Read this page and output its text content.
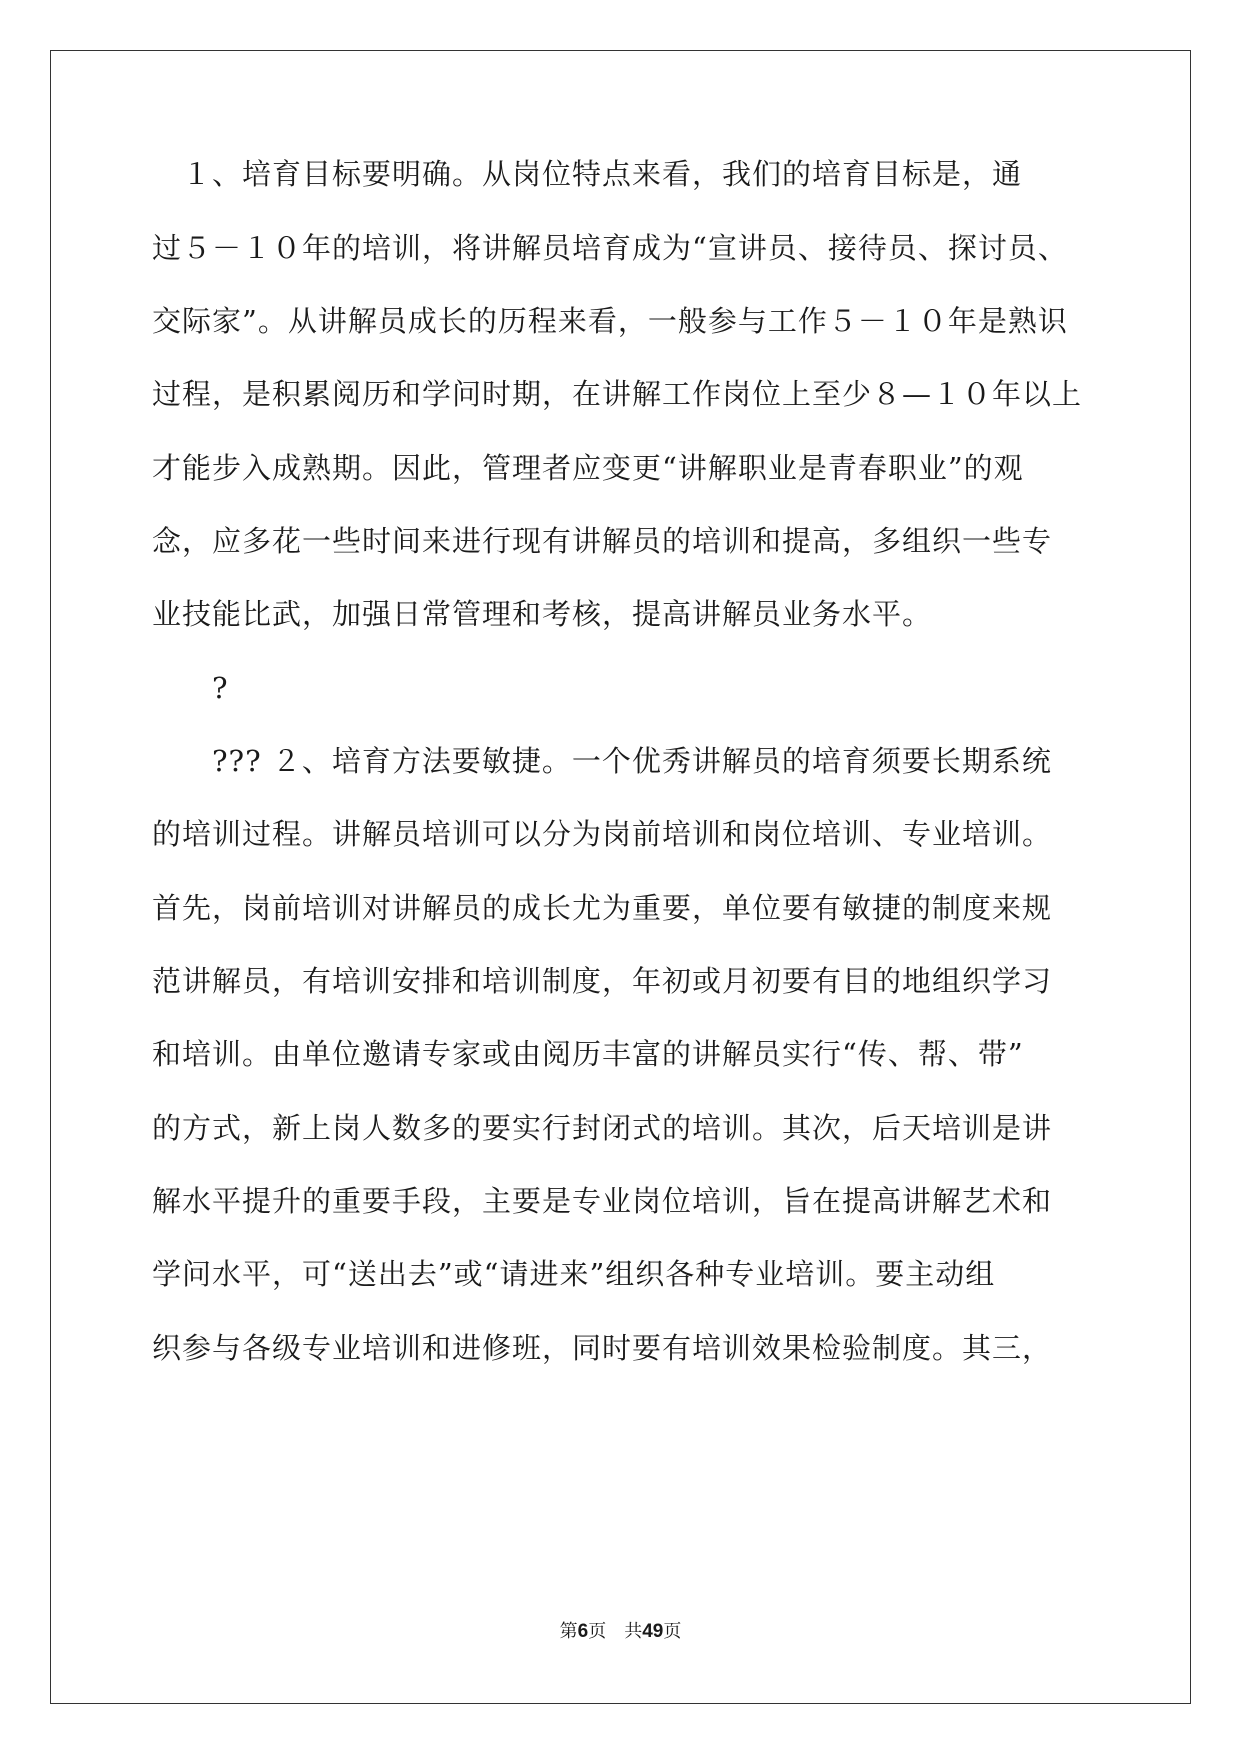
　１、培育目标要明确。从岗位特点来看，我们的培育目标是，通
过５－１０年的培训，将讲解员培育成为“宣讲员、接待员、探讨员、
交际家”。从讲解员成长的历程来看，一般参与工作５－１０年是熟识
过程，是积累阅历和学问时期，在讲解工作岗位上至少８—１０年以上
才能步入成熟期。因此，管理者应变更“讲解职业是青春职业”的观
念，应多花一些时间来进行现有讲解员的培训和提高，多组织一些专
业技能比武，加强日常管理和考核，提高讲解员业务水平。
　　?
　　??? ２、培育方法要敏捷。一个优秀讲解员的培育须要长期系统
的培训过程。讲解员培训可以分为岗前培训和岗位培训、专业培训。
首先，岗前培训对讲解员的成长尤为重要，单位要有敏捷的制度来规
范讲解员，有培训安排和培训制度，年初或月初要有目的地组织学习
和培训。由单位邀请专家或由阅历丰富的讲解员实行“传、帮、带”
的方式，新上岗人数多的要实行封闭式的培训。其次，后天培训是讲
解水平提升的重要手段，主要是专业岗位培训，旨在提高讲解艺术和
学问水平，可“送出去”或“请进来”组织各种专业培训。要主动组
织参与各级专业培训和进修班，同时要有培训效果检验制度。其三，
第6页 共49页
